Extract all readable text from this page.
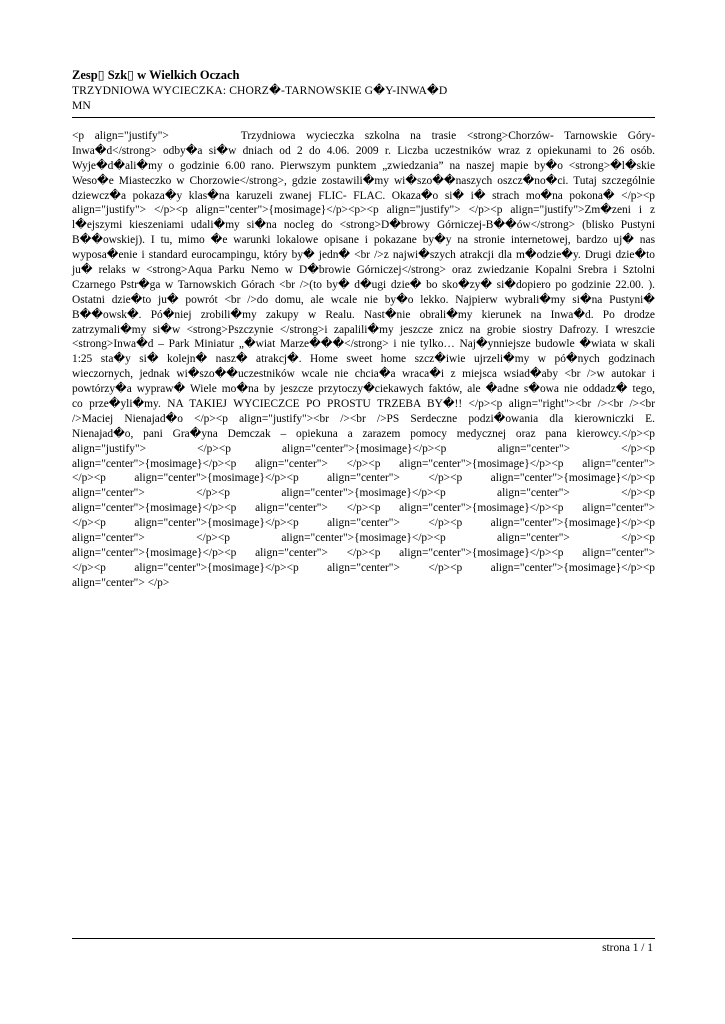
Zesp▯ Szk▯ w Wielkich Oczach
TRZYDNIOWA WYCIECZKA: CHORZ�-TARNOWSKIE G�Y-INWA�D
MN
<p align="justify">	Trzydniowa wycieczka szkolna na trasie <strong>Chorzów- Tarnowskie Góry-
Inwa�d</strong> odby�a si�w dniach od 2 do 4.06. 2009 r. Liczba uczestników wraz z opiekunami to 26 osób.
Wyje�d�ali�my o godzinie 6.00 rano. Pierwszym punktem „zwiedzania” na naszej mapie by�o <strong>�l�skie
Weso�e Miasteczko w Chorzowie</strong>, gdzie zostawili�my wi�szo��naszych oszcz�no�ci. Tutaj szczególnie
dziewcz�a pokaza�y klas�na karuzeli zwanej FLIC- FLAC. Okaza�o si� i� strach mo�na pokona� </p><p
align="justify"> </p><p align="center">{mosimage}</p><p><p align="justify"> </p><p align="justify">Zm�zeni i z
l�ejszymi kieszeniami udali�my si�na nocleg do <strong>D�browy Górniczej-B��ów</strong> (blisko Pustyni
B��owskiej). I tu, mimo �e warunki lokalowe opisane i pokazane by�y na stronie internetowej, bardzo uj� nas
wyposa�enie i standard eurocampingu, który by� jedn� <br />z najwi�szych atrakcji dla m�odzie�y. Drugi dzie�to
ju� relaks w <strong>Aqua Parku Nemo w D�browie Górniczej</strong> oraz zwiedzanie Kopalni Srebra i Sztolni
Czarnego Pstr�ga w Tarnowskich Górach <br />(to by� d�ugi dzie� bo sko�zy� si�dopiero po godzinie 22.00. ).
Ostatni dzie�to ju� powrót <br />do domu, ale wcale nie by�o lekko. Najpierw wybrali�my si�na Pustyni�
B��owsk�. Pó�niej zrobili�my zakupy w Realu. Nast�nie obrali�my kierunek na Inwa�d. Po drodze
zatrzymali�my si�w <strong>Pszczynie </strong>i zapalili�my jeszcze znicz na grobie siostry Dafrozy. I wreszcie
<strong>Inwa�d – Park Miniatur „�wiat Marze���</strong> i nie tylko… Naj�ynniejsze budowle �wiata w skali
1:25 sta�y si� kolejn� nasz� atrakcj�. Home sweet home szcz�iwie ujrzeli�my w pó�nych godzinach
wieczornych, jednak wi�szo��uczestników wcale nie chcia�a wraca�i z miejsca wsiad�aby <br />w autokar i
powtórzy�a wypraw� Wiele mo�na by jeszcze przytoczy�ciekawych faktów, ale �adne s�owa nie oddadz� tego,
co prze�yli�my. NA TAKIEJ WYCIECZCE PO PROSTU TRZEBA BY�!! </p><p align="right"><br /><br /><br
/>Maciej Nienajad�o </p><p align="justify"><br /><br />PS Serdeczne podzi�owania dla kierowniczki E.
Nienajad�o, pani Gra�yna Demczak – opiekuna a zarazem pomocy medycznej oraz pana kierowcy.</p><p
align="justify"> </p><p align="center">{mosimage}</p><p align="center"> </p><p
align="center">{mosimage}</p><p align="center"> </p><p align="center">{mosimage}</p><p align="center">
</p><p align="center">{mosimage}</p><p align="center"> </p><p align="center">{mosimage}</p><p
align="center"> </p><p align="center">{mosimage}</p><p align="center"> </p><p
align="center">{mosimage}</p><p align="center"> </p><p align="center">{mosimage}</p><p align="center">
</p><p align="center">{mosimage}</p><p align="center"> </p><p align="center">{mosimage}</p><p
align="center"> </p><p align="center">{mosimage}</p><p align="center"> </p><p
align="center">{mosimage}</p><p align="center"> </p><p align="center">{mosimage}</p><p align="center">
</p><p align="center">{mosimage}</p><p align="center"> </p><p align="center">{mosimage}</p><p
align="center"> </p>
strona 1 / 1
